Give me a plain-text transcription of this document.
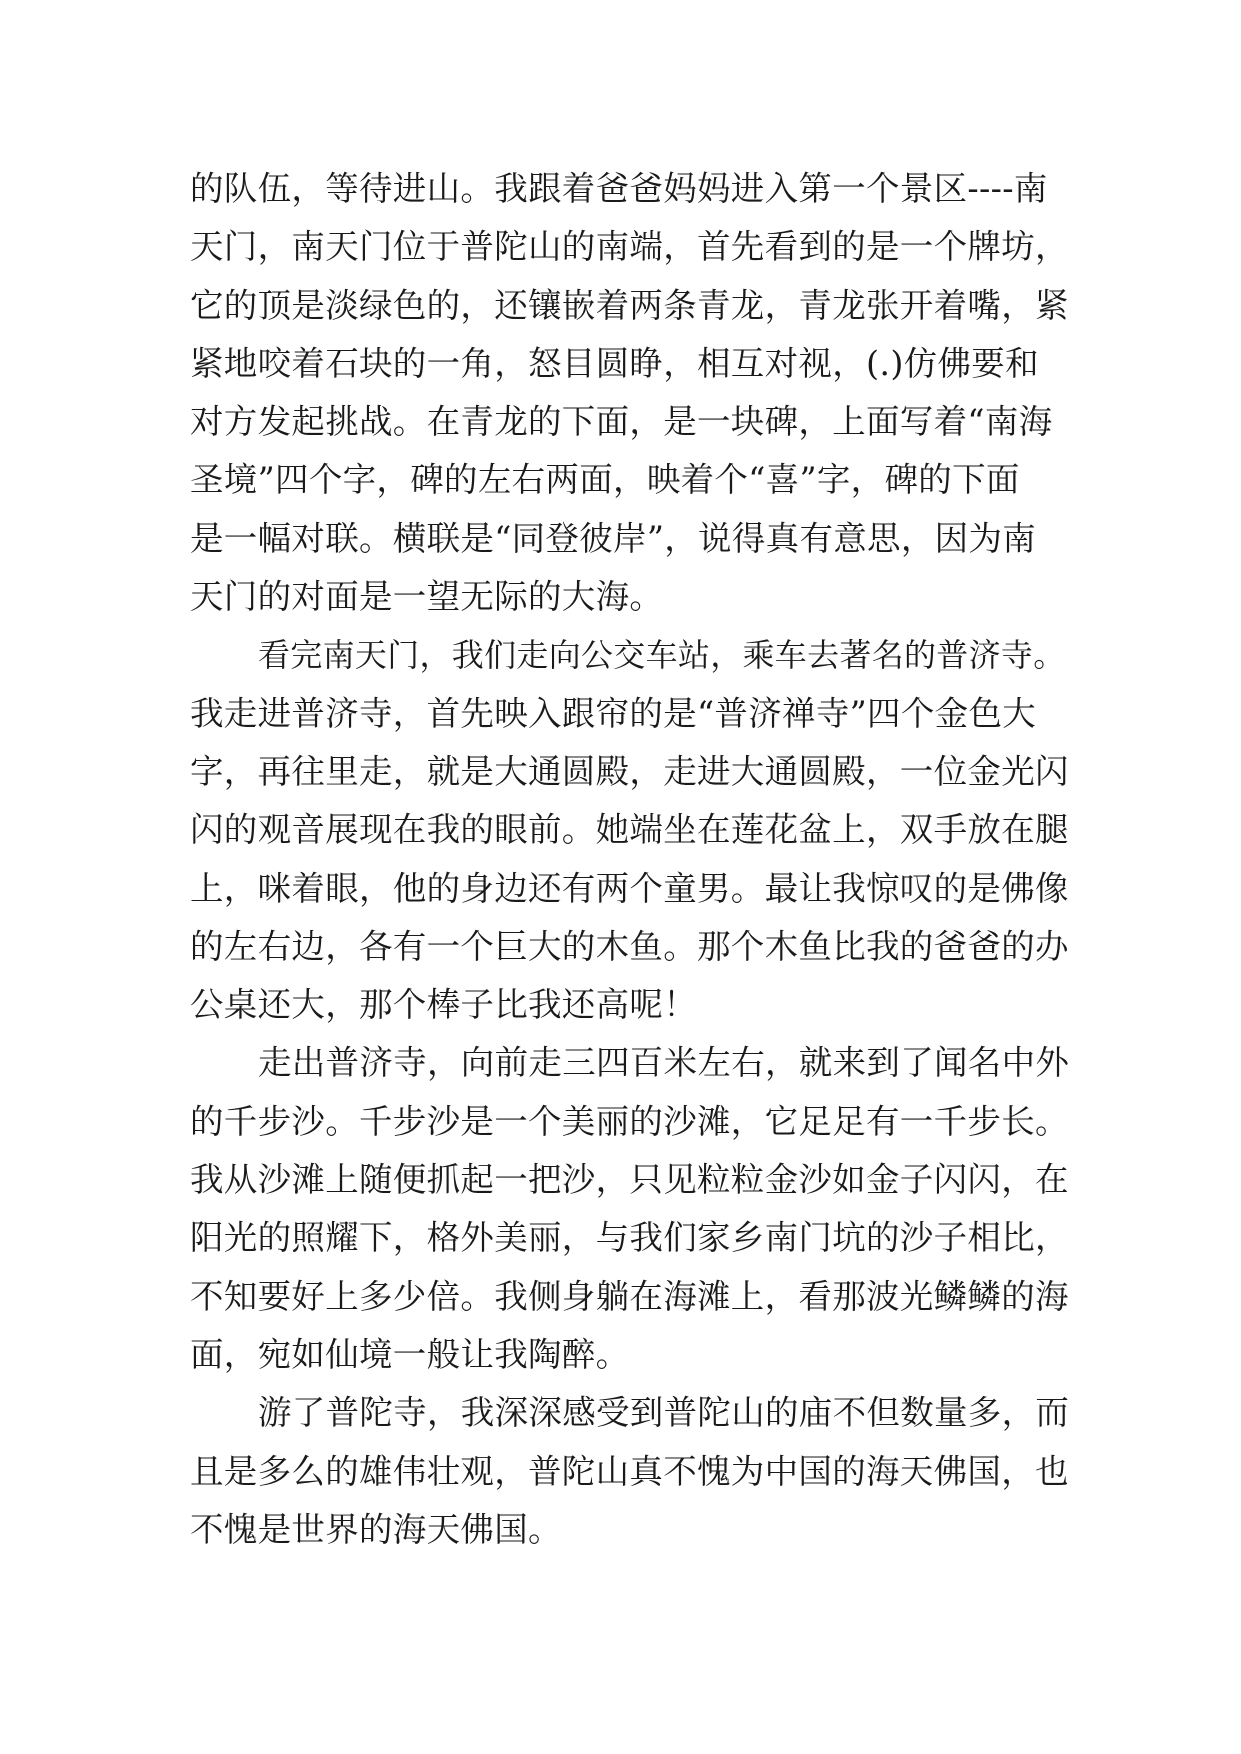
的队伍，等待进山。我跟着爸爸妈妈进入第一个景区----南
天门，南天门位于普陀山的南端，首先看到的是一个牌坊，
它的顶是淡绿色的，还镶嵌着两条青龙，青龙张开着嘴，紧
紧地咬着石块的一角，怒目圆睁，相互对视，(.)仿佛要和
对方发起挑战。在青龙的下面，是一块碑，上面写着“南海
圣境”四个字，碑的左右两面，映着个“喜”字，碑的下面
是一幅对联。横联是“同登彼岸”，说得真有意思，因为南
天门的对面是一望无际的大海。
看完南天门，我们走向公交车站，乘车去著名的普济寺。
我走进普济寺，首先映入跟帘的是“普济禅寺”四个金色大
字，再往里走，就是大通圆殿，走进大通圆殿，一位金光闪
闪的观音展现在我的眼前。她端坐在莲花盆上，双手放在腿
上，咪着眼，他的身边还有两个童男。最让我惊叹的是佛像
的左右边，各有一个巨大的木鱼。那个木鱼比我的爸爸的办
公桌还大，那个棒子比我还高呢！
走出普济寺，向前走三四百米左右，就来到了闻名中外
的千步沙。千步沙是一个美丽的沙滩，它足足有一千步长。
我从沙滩上随便抓起一把沙，只见粒粒金沙如金子闪闪，在
阳光的照耀下，格外美丽，与我们家乡南门坑的沙子相比，
不知要好上多少倍。我侧身躺在海滩上，看那波光鳞鳞的海
面，宛如仙境一般让我陶醉。
游了普陀寺，我深深感受到普陀山的庙不但数量多，而
且是多么的雄伟壮观，普陀山真不愧为中国的海天佛国，也
不愧是世界的海天佛国。
